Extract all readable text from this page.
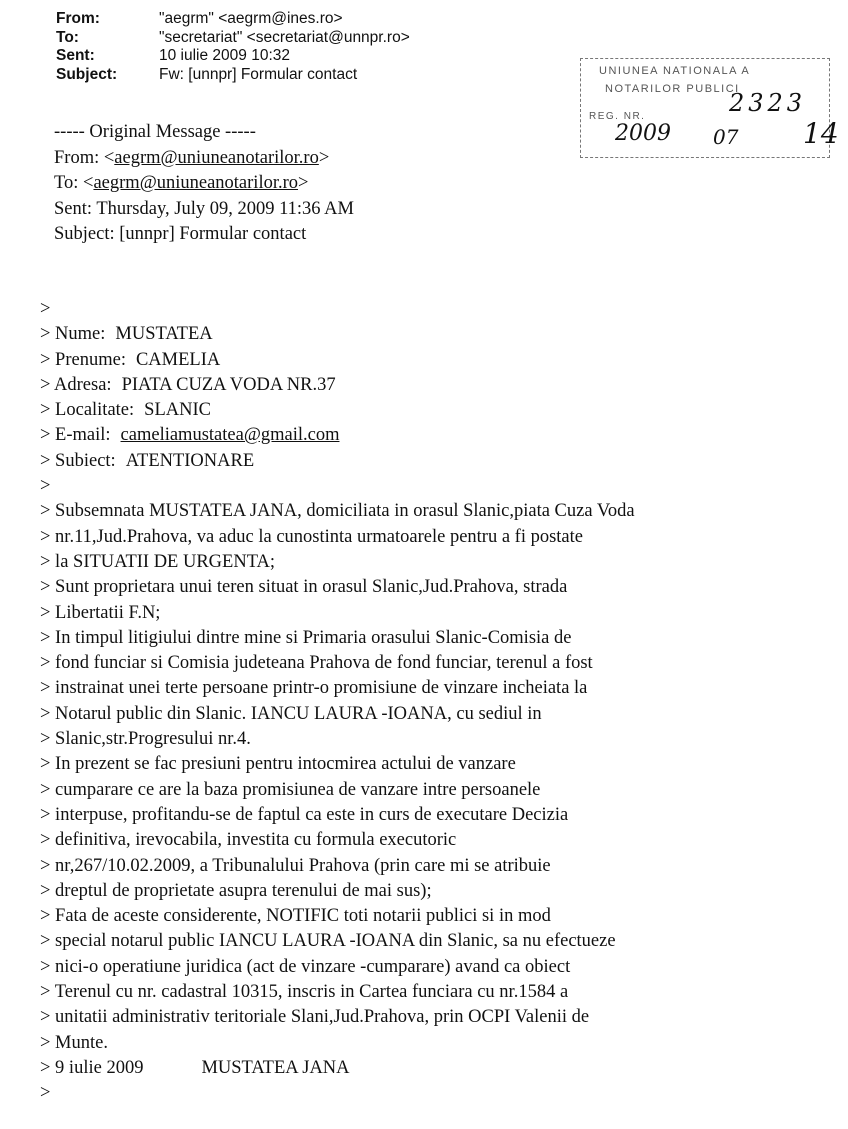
From:	"aegrm" <aegrm@ines.ro>
To:	"secretariat" <secretariat@unnpr.ro>
Sent:	10 iulie 2009 10:32
Subject:	Fw: [unnpr] Formular contact	UNIUNEA NATIONALA A
NOTARILOR PUBLICI
REG. NR.	2323
2009 07 14
----- Original Message -----
From: <aegrm@uniuneanotarilor.ro>
To: <aegrm@uniuneanotarilor.ro>
Sent: Thursday, July 09, 2009 11:36 AM
Subject: [unnpr] Formular contact
>
> Nume: MUSTATEA
> Prenume: CAMELIA
> Adresa: PIATA CUZA VODA NR.37
> Localitate: SLANIC
> E-mail: cameliamustatea@gmail.com
> Subiect: ATENTIONARE
>
> Subsemnata MUSTATEA JANA, domiciliata in orasul Slanic,piata Cuza Voda
> nr.11,Jud.Prahova, va aduc la cunostinta urmatoarele pentru a fi postate
> la SITUATII DE URGENTA;
> Sunt proprietara unui teren situat in orasul Slanic,Jud.Prahova, strada
> Libertatii F.N;
> In timpul litigiului dintre mine si Primaria orasului Slanic-Comisia de
> fond funciar si Comisia judeteana Prahova de fond funciar, terenul a fost
> instrainat unei terte persoane printr-o promisiune de vinzare incheiata la
> Notarul public din Slanic. IANCU LAURA -IOANA, cu sediul in
> Slanic,str.Progresului nr.4.
> In prezent se fac presiuni pentru intocmirea actului de vanzare
> cumparare ce are la baza promisiunea de vanzare intre persoanele
> interpuse, profitandu-se de faptul ca este in curs de executare Decizia
> definitiva, irevocabila, investita cu formula executoric
> nr,267/10.02.2009, a Tribunalului Prahova (prin care mi se atribuie
> dreptul de proprietate asupra terenului de mai sus);
> Fata de aceste considerente, NOTIFIC toti notarii publici si in mod
> special notarul public IANCU LAURA -IOANA din Slanic, sa nu efectueze
> nici-o operatiune juridica (act de vinzare -cumparare) avand ca obiect
> Terenul cu nr. cadastral 10315, inscris in Cartea funciara cu nr.1584 a
> unitatii administrativ teritoriale Slani,Jud.Prahova, prin OCPI Valenii de
> Munte.
> 9 iulie 2009	MUSTATEA JANA
>
